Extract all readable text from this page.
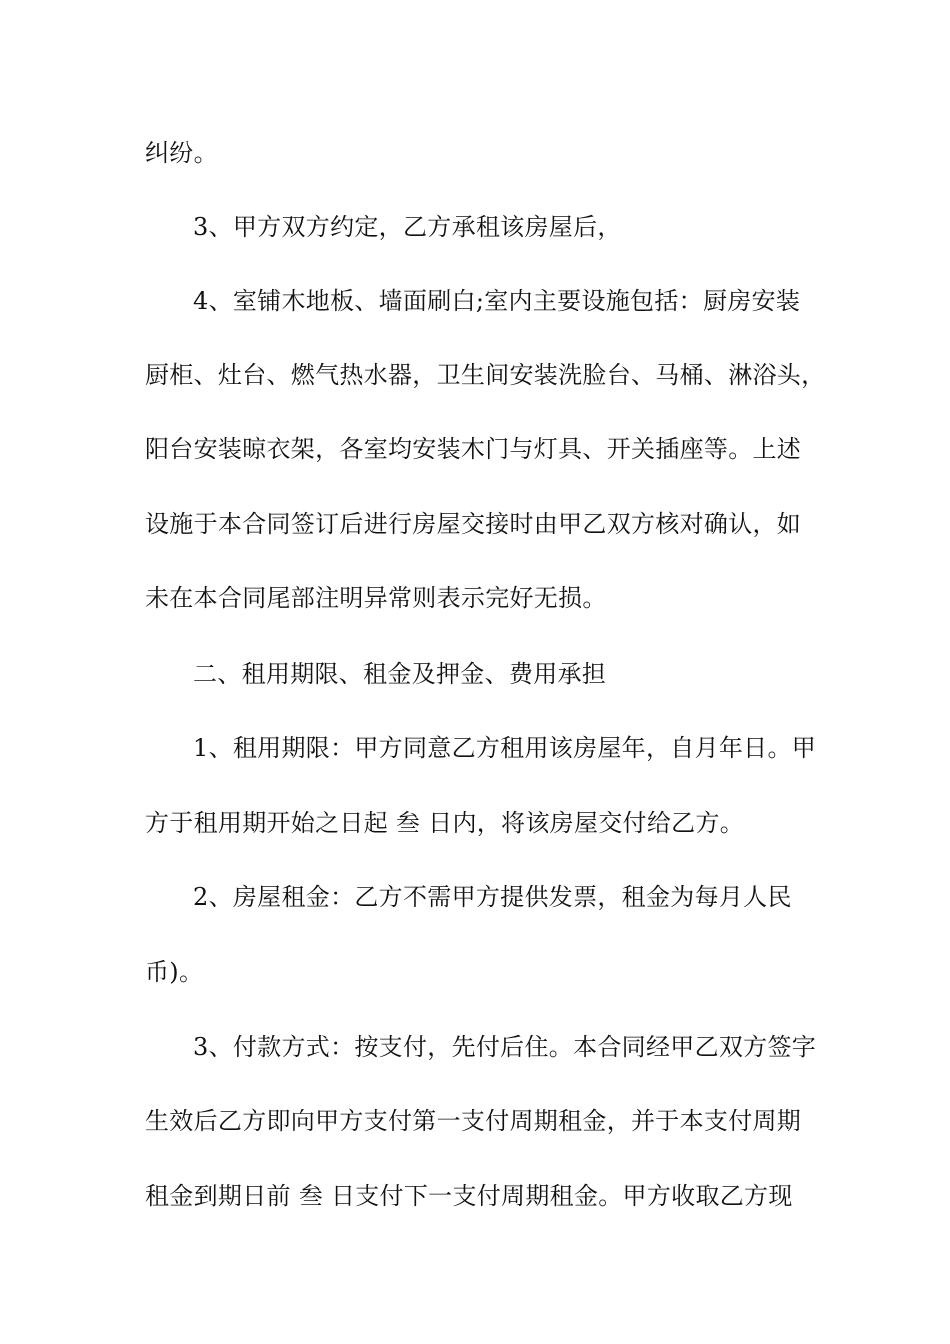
纠纷。
3、甲方双方约定，乙方承租该房屋后，
4、室铺木地板、墙面刷白;室内主要设施包括：厨房安装
厨柜、灶台、燃气热水器，卫生间安装洗脸台、马桶、淋浴头，
阳台安装晾衣架，各室均安装木门与灯具、开关插座等。上述
设施于本合同签订后进行房屋交接时由甲乙双方核对确认，如
未在本合同尾部注明异常则表示完好无损。
二、租用期限、租金及押金、费用承担
1、租用期限：甲方同意乙方租用该房屋年，自月年日。甲
方于租用期开始之日起 叁 日内，将该房屋交付给乙方。
2、房屋租金：乙方不需甲方提供发票，租金为每月人民
币)。
3、付款方式：按支付，先付后住。本合同经甲乙双方签字
生效后乙方即向甲方支付第一支付周期租金，并于本支付周期
租金到期日前 叁 日支付下一支付周期租金。甲方收取乙方现
